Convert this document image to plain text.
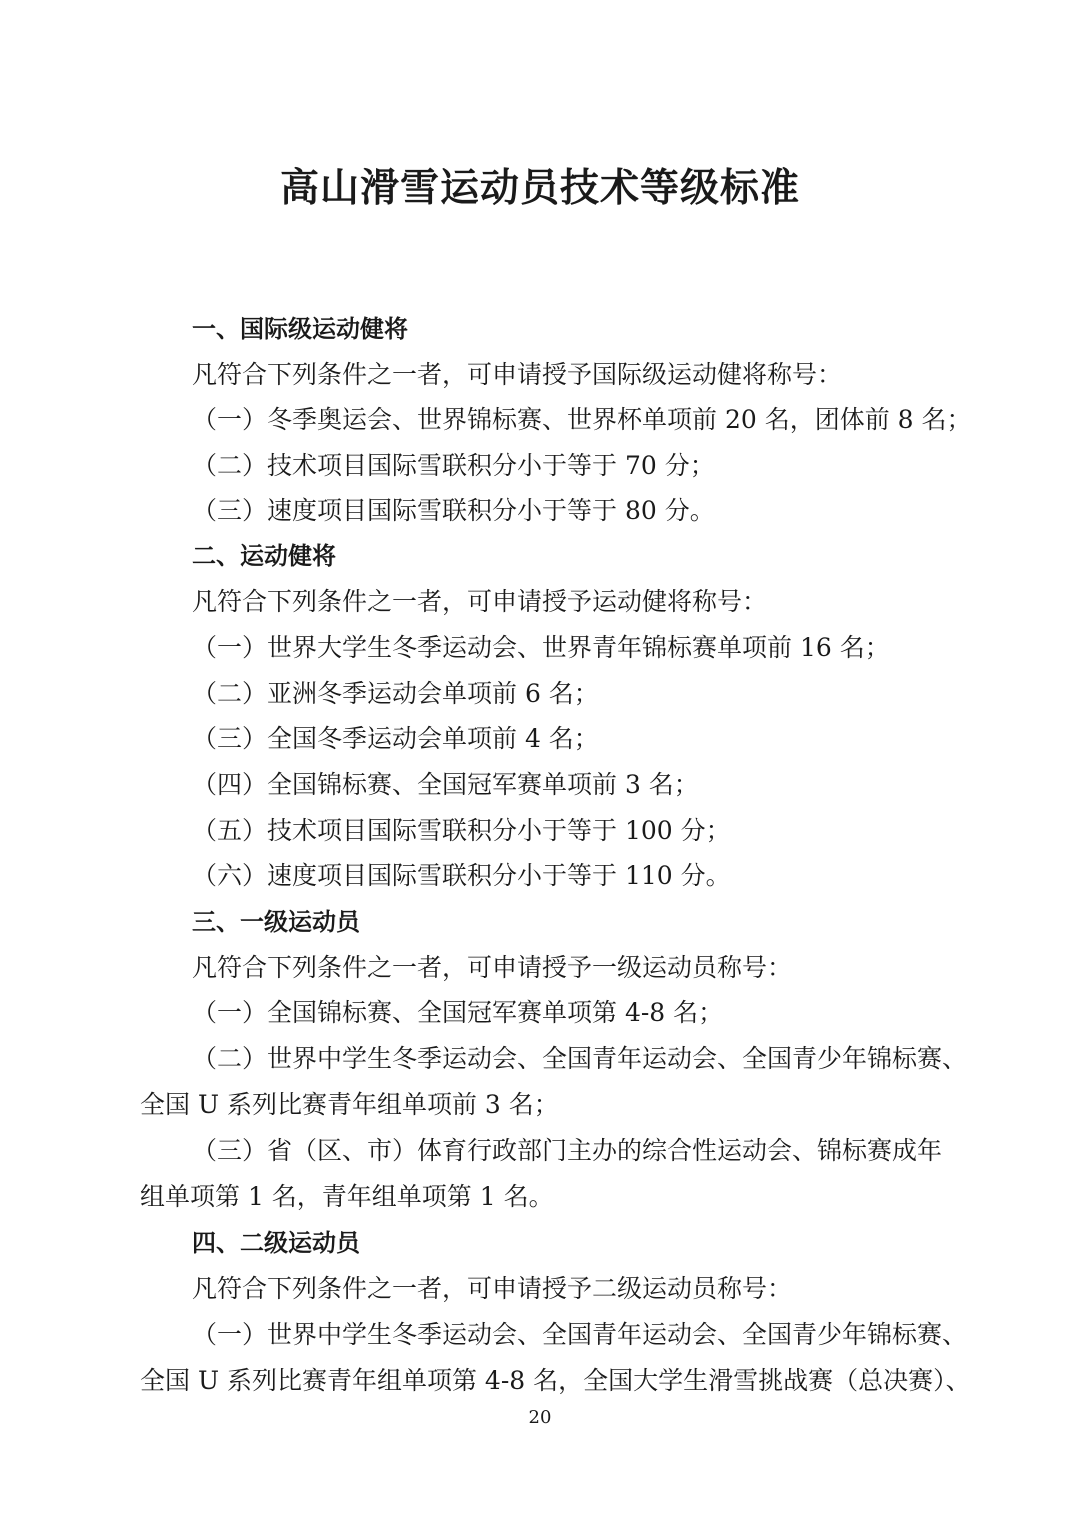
高山滑雪运动员技术等级标准

一、国际级运动健将

凡符合下列条件之一者，可申请授予国际级运动健将称号：

（一）冬季奥运会、世界锦标赛、世界杯单项前 20 名，团体前 8 名；

（二）技术项目国际雪联积分小于等于 70 分；

（三）速度项目国际雪联积分小于等于 80 分。

二、运动健将

凡符合下列条件之一者，可申请授予运动健将称号：

（一）世界大学生冬季运动会、世界青年锦标赛单项前 16 名；

（二）亚洲冬季运动会单项前 6 名；

（三）全国冬季运动会单项前 4 名；

（四）全国锦标赛、全国冠军赛单项前 3 名；

（五）技术项目国际雪联积分小于等于 100 分；

（六）速度项目国际雪联积分小于等于 110 分。

三、一级运动员

凡符合下列条件之一者，可申请授予一级运动员称号：

（一）全国锦标赛、全国冠军赛单项第 4-8 名；

（二）世界中学生冬季运动会、全国青年运动会、全国青少年锦标赛、

全国 U 系列比赛青年组单项前 3 名；

（三）省（区、市）体育行政部门主办的综合性运动会、锦标赛成年

组单项第 1 名，青年组单项第 1 名。

四、二级运动员

凡符合下列条件之一者，可申请授予二级运动员称号：

（一）世界中学生冬季运动会、全国青年运动会、全国青少年锦标赛、

全国 U 系列比赛青年组单项第 4-8 名，全国大学生滑雪挑战赛（总决赛）、

20
